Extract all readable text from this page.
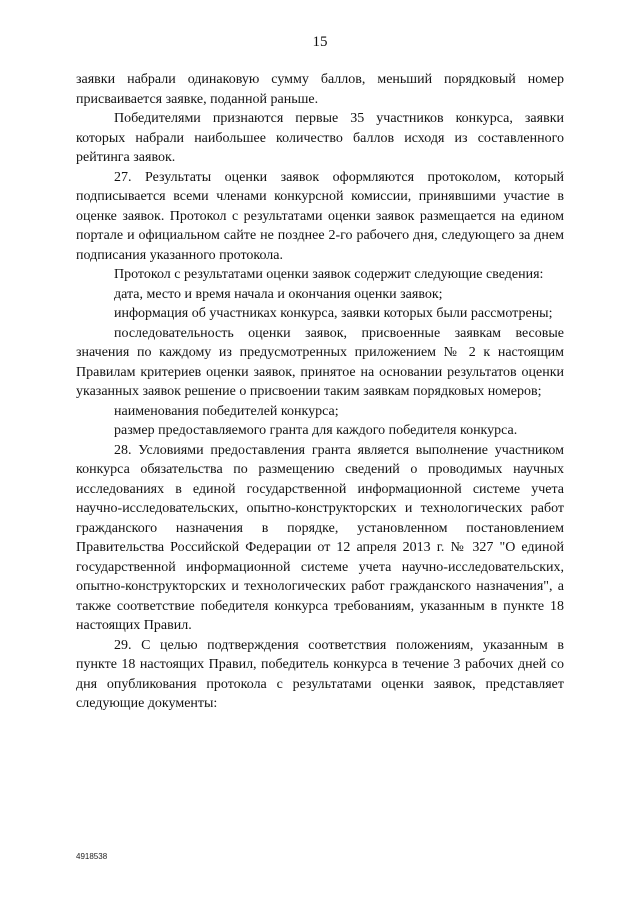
15

заявки набрали одинаковую сумму баллов, меньший порядковый номер присваивается заявке, поданной раньше.

Победителями признаются первые 35 участников конкурса, заявки которых набрали наибольшее количество баллов исходя из составленного рейтинга заявок.

27. Результаты оценки заявок оформляются протоколом, который подписывается всеми членами конкурсной комиссии, принявшими участие в оценке заявок. Протокол с результатами оценки заявок размещается на едином портале и официальном сайте не позднее 2-го рабочего дня, следующего за днем подписания указанного протокола.

Протокол с результатами оценки заявок содержит следующие сведения:

дата, место и время начала и окончания оценки заявок;

информация об участниках конкурса, заявки которых были рассмотрены;

последовательность оценки заявок, присвоенные заявкам весовые значения по каждому из предусмотренных приложением № 2 к настоящим Правилам критериев оценки заявок, принятое на основании результатов оценки указанных заявок решение о присвоении таким заявкам порядковых номеров;

наименования победителей конкурса;

размер предоставляемого гранта для каждого победителя конкурса.

28. Условиями предоставления гранта является выполнение участником конкурса обязательства по размещению сведений о проводимых научных исследованиях в единой государственной информационной системе учета научно-исследовательских, опытно-конструкторских и технологических работ гражданского назначения в порядке, установленном постановлением Правительства Российской Федерации от 12 апреля 2013 г. № 327 "О единой государственной информационной системе учета научно-исследовательских, опытно-конструкторских и технологических работ гражданского назначения", а также соответствие победителя конкурса требованиям, указанным в пункте 18 настоящих Правил.

29. С целью подтверждения соответствия положениям, указанным в пункте 18 настоящих Правил, победитель конкурса в течение 3 рабочих дней со дня опубликования протокола с результатами оценки заявок, представляет следующие документы:

4918538
